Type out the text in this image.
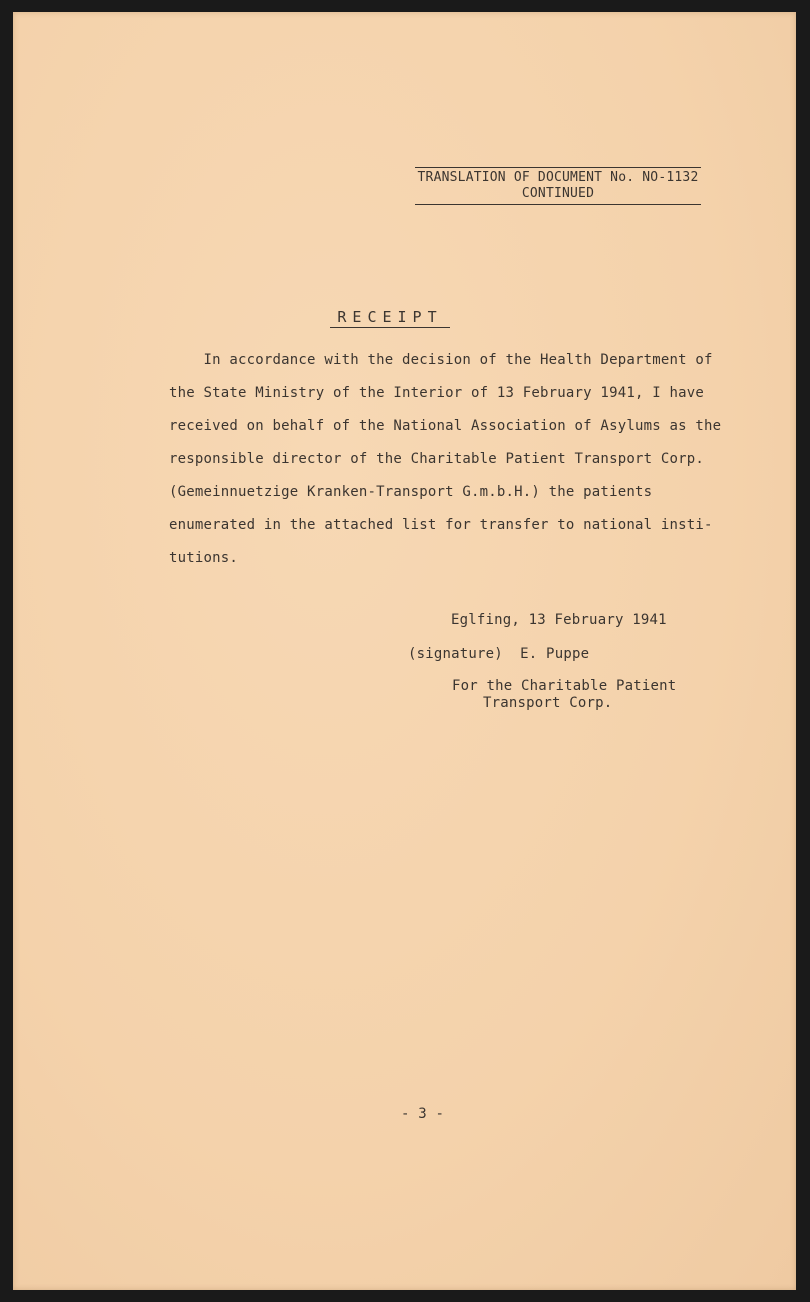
TRANSLATION OF DOCUMENT No. NO-1132
CONTINUED
RECEIPT
In accordance with the decision of the Health Department of
the State Ministry of the Interior of 13 February 1941, I have
received on behalf of the National Association of Asylums as the
responsible director of the Charitable Patient Transport Corp.
(Gemeinnuetzige Kranken-Transport G.m.b.H.) the patients
enumerated in the attached list for transfer to national insti-
tutions.
Eglfing, 13 February 1941
(signature)  E. Puppe
For the Charitable Patient
Transport Corp.
- 3 -
